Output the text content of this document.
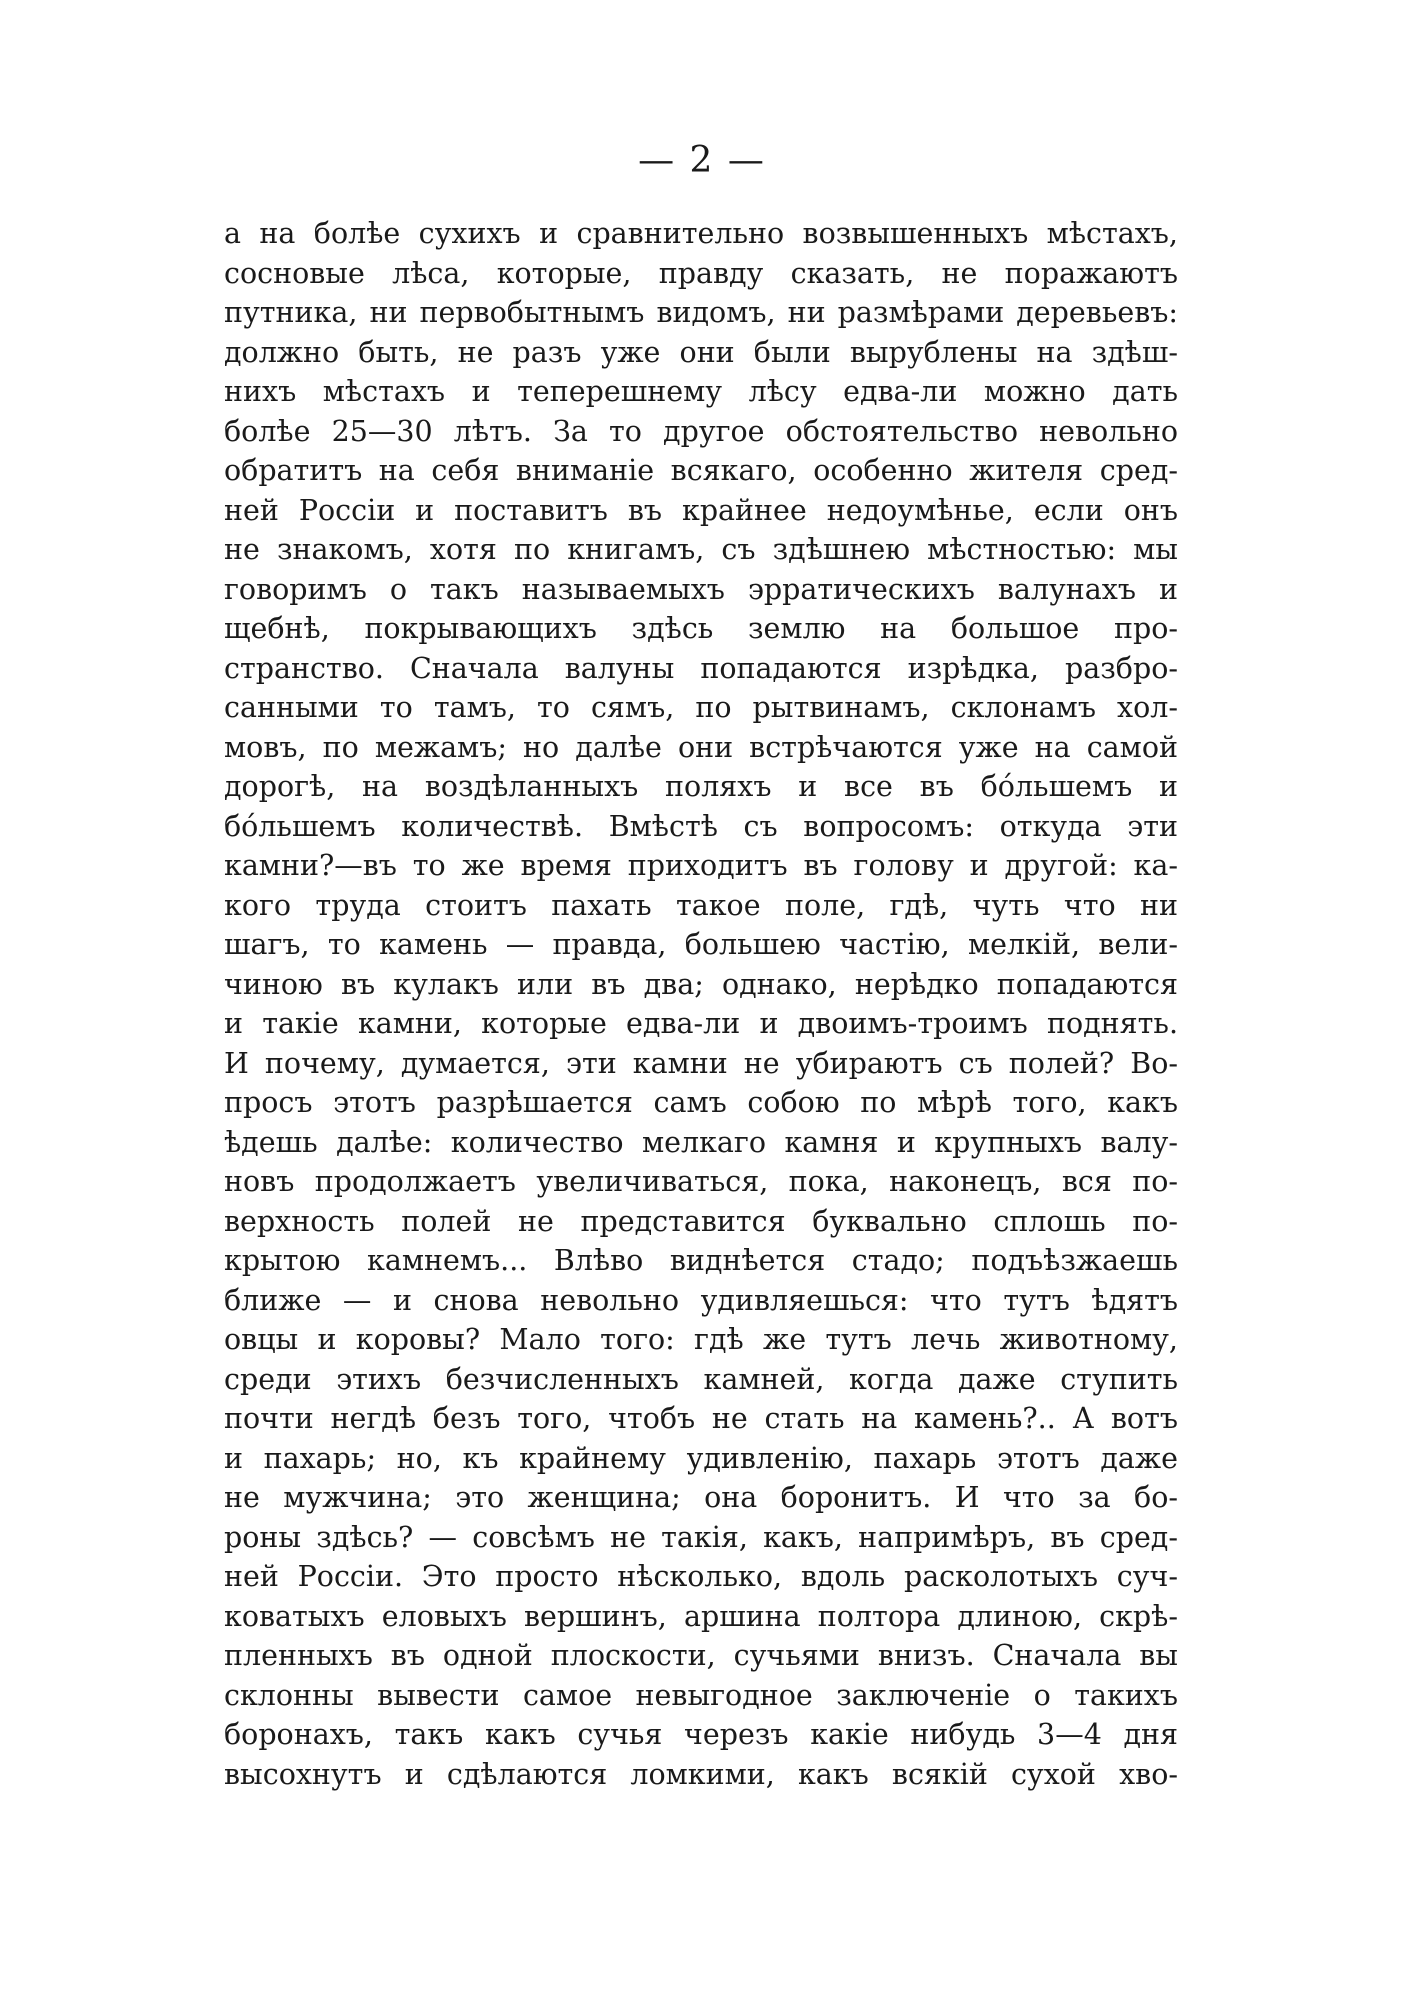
— 2 —
а на болѣе сухихъ и сравнительно возвышенныхъ мѣстахъ,
сосновые лѣса, которые, правду сказать, не поражаютъ
путника, ни первобытнымъ видомъ, ни размѣрами деревьевъ:
должно быть, не разъ уже они были вырублены на здѣш-
нихъ мѣстахъ и теперешнему лѣсу едва-ли можно дать
болѣе 25—30 лѣтъ. За то другое обстоятельство невольно
обратитъ на себя вниманіе всякаго, особенно жителя сред-
ней Россіи и поставитъ въ крайнее недоумѣнье, если онъ
не знакомъ, хотя по книгамъ, съ здѣшнею мѣстностью: мы
говоримъ о такъ называемыхъ эрратическихъ валунахъ и
щебнѣ, покрывающихъ здѣсь землю на большое про-
странство. Сначала валуны попадаются изрѣдка, разбро-
санными то тамъ, то сямъ, по рытвинамъ, склонамъ хол-
мовъ, по межамъ; но далѣе они встрѣчаются уже на самой
дорогѣ, на воздѣланныхъ поляхъ и все въ бо́льшемъ и
бо́льшемъ количествѣ. Вмѣстѣ съ вопросомъ: откуда эти
камни?—въ то же время приходитъ въ голову и другой: ка-
кого труда стоитъ пахать такое поле, гдѣ, чуть что ни
шагъ, то камень — правда, большею частію, мелкій, вели-
чиною въ кулакъ или въ два; однако, нерѣдко попадаются
и такіе камни, которые едва-ли и двоимъ-троимъ поднять.
И почему, думается, эти камни не убираютъ съ полей? Во-
просъ этотъ разрѣшается самъ собою по мѣрѣ того, какъ
ѣдешь далѣе: количество мелкаго камня и крупныхъ валу-
новъ продолжаетъ увеличиваться, пока, наконецъ, вся по-
верхность полей не представится буквально сплошь по-
крытою камнемъ... Влѣво виднѣется стадо; подъѣзжаешь
ближе — и снова невольно удивляешься: что тутъ ѣдятъ
овцы и коровы? Мало того: гдѣ же тутъ лечь животному,
среди этихъ безчисленныхъ камней, когда даже ступить
почти негдѣ безъ того, чтобъ не стать на камень?.. А вотъ
и пахарь; но, къ крайнему удивленію, пахарь этотъ даже
не мужчина; это женщина; она боронитъ. И что за бо-
роны здѣсь? — совсѣмъ не такія, какъ, напримѣръ, въ сред-
ней Россіи. Это просто нѣсколько, вдоль расколотыхъ суч-
коватыхъ еловыхъ вершинъ, аршина полтора длиною, скрѣ-
пленныхъ въ одной плоскости, сучьями внизъ. Сначала вы
склонны вывести самое невыгодное заключеніе о такихъ
боронахъ, такъ какъ сучья черезъ какіе нибудь 3—4 дня
высохнутъ и сдѣлаются ломкими, какъ всякій сухой хво-
